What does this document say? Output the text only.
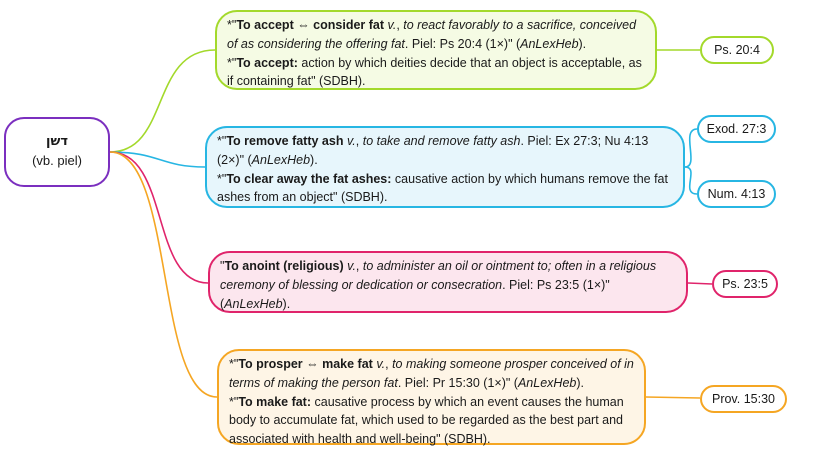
דשן
(vb. piel)

*"To accept ⇔ consider fat v., to react favorably to a sacrifice, conceived of as considering the offering fat. Piel: Ps 20:4 (1×)" (AnLexHeb).
*"To accept: action by which deities decide that an object is acceptable, as if containing fat" (SDBH).

*"To remove fatty ash v., to take and remove fatty ash. Piel: Ex 27:3; Nu 4:13 (2×)" (AnLexHeb).
*"To clear away the fat ashes: causative action by which humans remove the fat ashes from an object" (SDBH).

"To anoint (religious) v., to administer an oil or ointment to; often in a religious ceremony of blessing or dedication or consecration. Piel: Ps 23:5 (1×)" (AnLexHeb).

*"To prosper ⇔ make fat v., to making someone prosper conceived of in terms of making the person fat. Piel: Pr 15:30 (1×)" (AnLexHeb).
*"To make fat: causative process by which an event causes the human body to accumulate fat, which used to be regarded as the best part and associated with health and well-being" (SDBH).

Ps. 20:4
Exod. 27:3
Num. 4:13
Ps. 23:5
Prov. 15:30
